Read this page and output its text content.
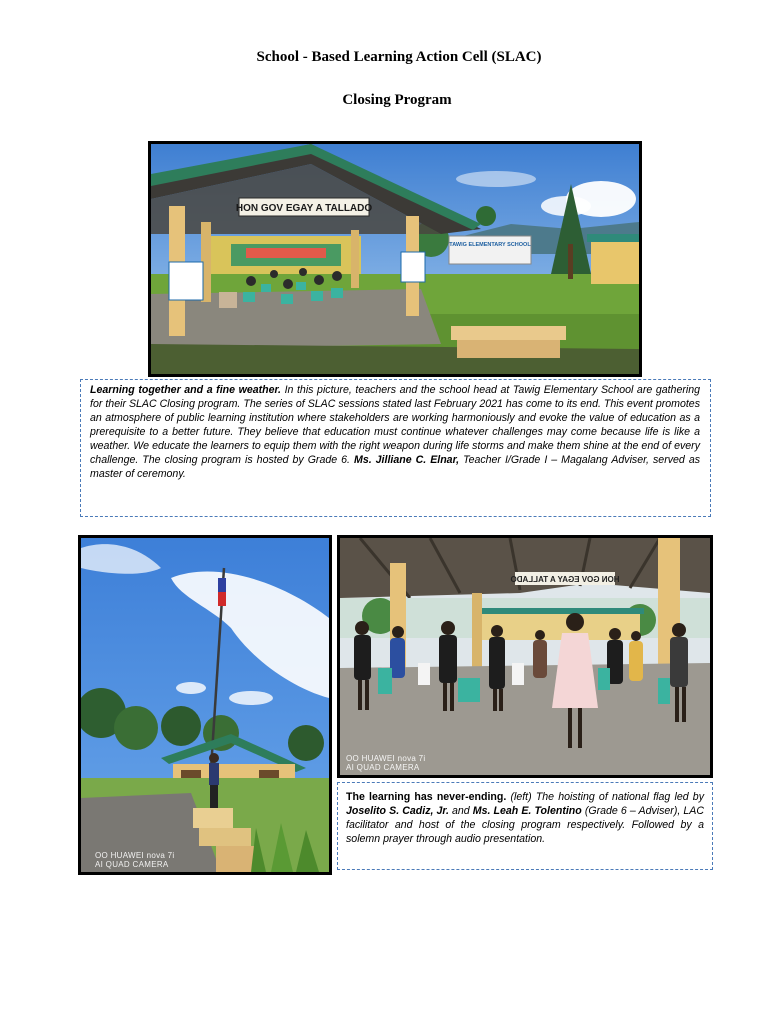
School - Based Learning Action Cell (SLAC)
Closing Program
TAWIG ELEMENTARY SCHOOL
HON GOV EGAY A TALLADO
Learning together and a fine weather. In this picture, teachers and the school head at Tawig Elementary School are gathering for their SLAC Closing program. The series of SLAC sessions stated last February 2021 has come to its end. This event promotes an atmosphere of public learning institution where stakeholders are working harmoniously and evoke the value of education as a prerequisite to a better future. They believe that education must continue whatever challenges may come because life is like a weather. We educate the learners to equip them with the right weapon during life storms and make them shine at the end of every challenge. The closing program is hosted by Grade 6. Ms. Jilliane C. Elnar, Teacher I/Grade I – Magalang Adviser, served as master of ceremony.
OO HUAWEI nova 7i
AI QUAD CAMERA
HON GOV EGAY A TALLADO
OO HUAWEI nova 7i
AI QUAD CAMERA
The learning has never-ending. (left) The hoisting of national flag led by Joselito S. Cadiz, Jr. and Ms. Leah E. Tolentino (Grade 6 – Adviser), LAC facilitator and host of the closing program respectively. Followed by a solemn prayer through audio presentation.
